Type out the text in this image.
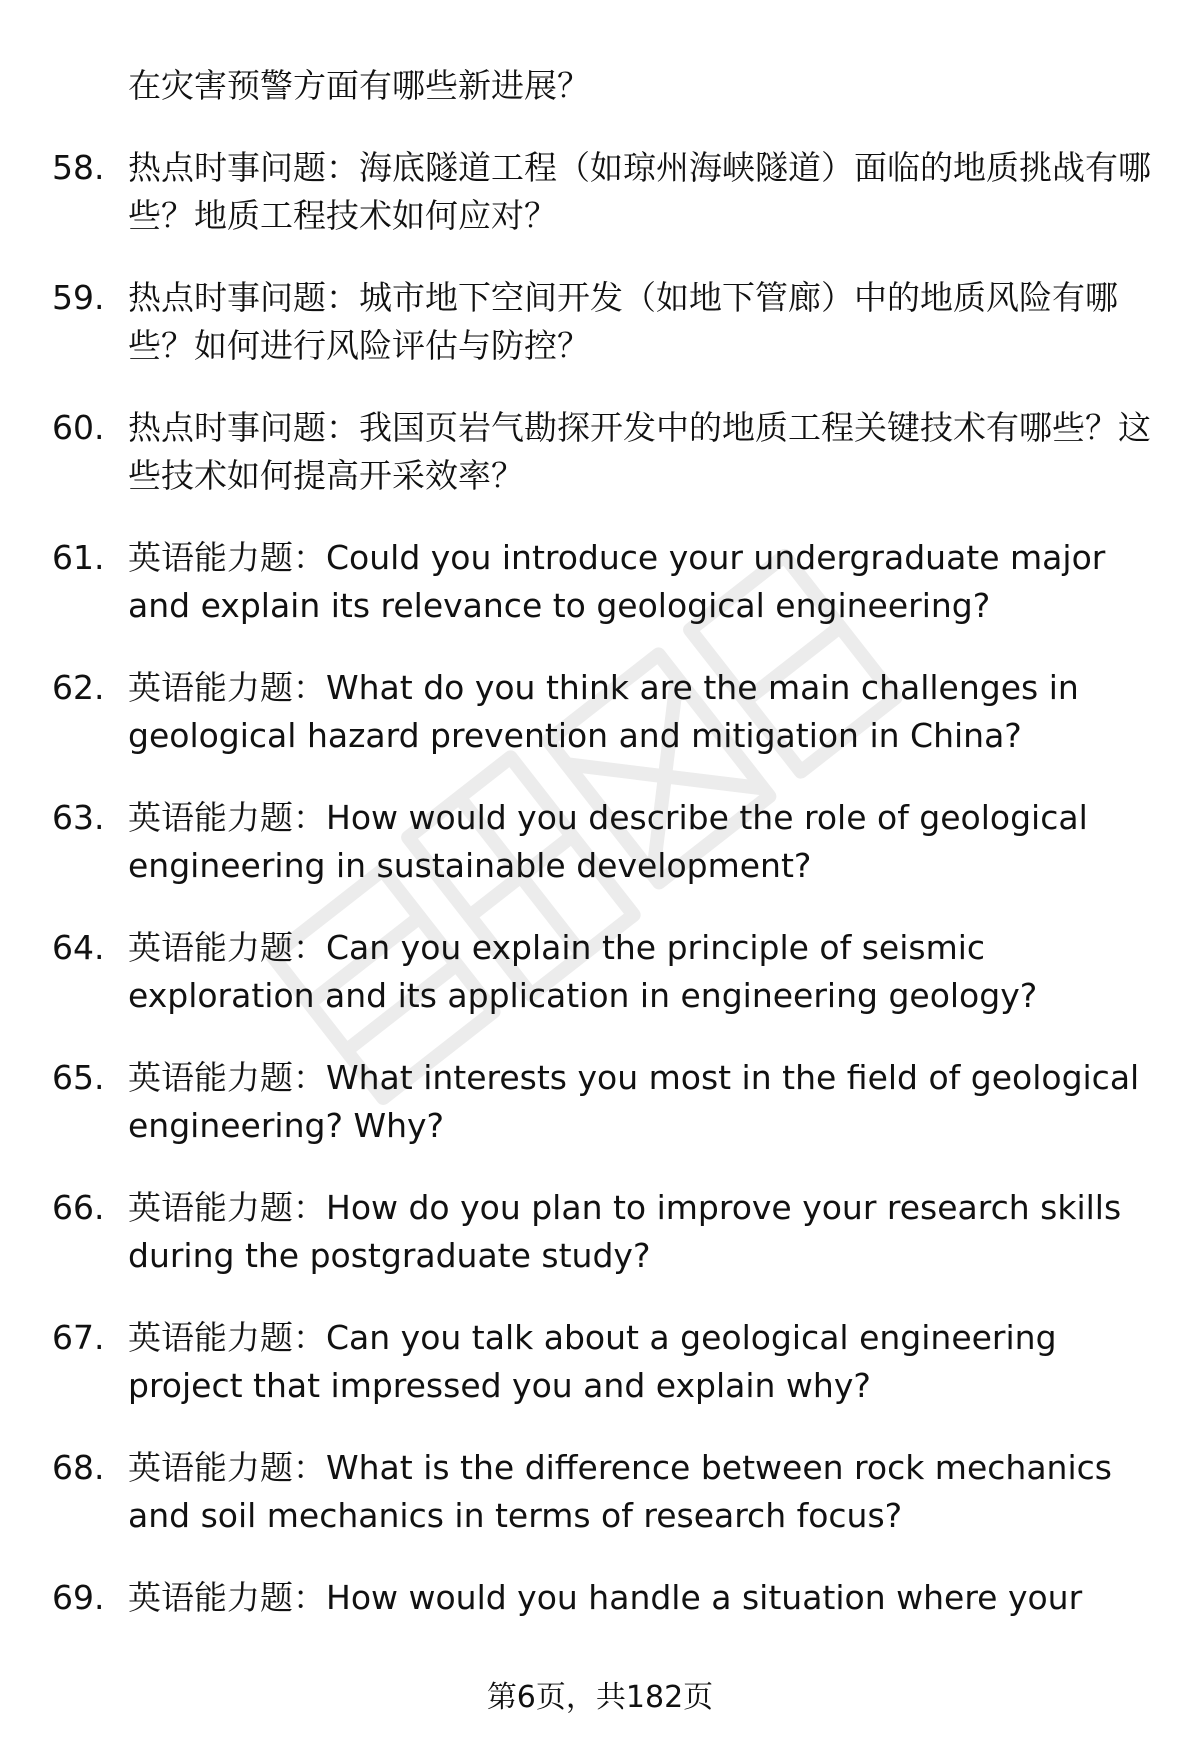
在灾害预警方面有哪些新进展？
58. 热点时事问题：海底隧道工程（如琼州海峡隧道）面临的地质挑战有哪些？地质工程技术如何应对？
59. 热点时事问题：城市地下空间开发（如地下管廊）中的地质风险有哪些？如何进行风险评估与防控？
60. 热点时事问题：我国页岩气勘探开发中的地质工程关键技术有哪些？这些技术如何提高开采效率？
61. 英语能力题：Could you introduce your undergraduate major and explain its relevance to geological engineering?
62. 英语能力题：What do you think are the main challenges in geological hazard prevention and mitigation in China?
63. 英语能力题：How would you describe the role of geological engineering in sustainable development?
64. 英语能力题：Can you explain the principle of seismic exploration and its application in engineering geology?
65. 英语能力题：What interests you most in the field of geological engineering? Why?
66. 英语能力题：How do you plan to improve your research skills during the postgraduate study?
67. 英语能力题：Can you talk about a geological engineering project that impressed you and explain why?
68. 英语能力题：What is the difference between rock mechanics and soil mechanics in terms of research focus?
69. 英语能力题：How would you handle a situation where your
第6页，共182页
